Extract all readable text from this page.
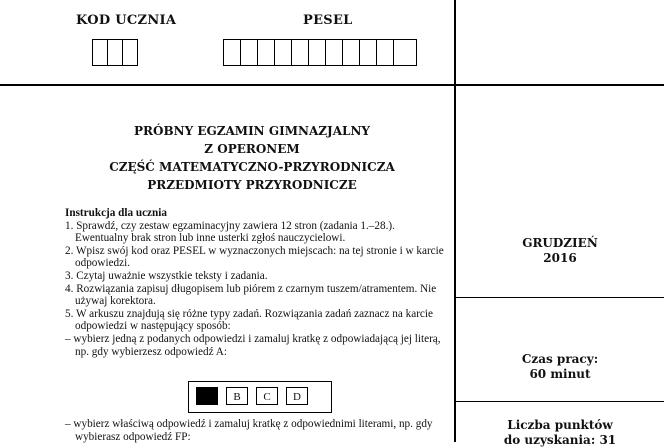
KOD UCZNIA	PESEL
PRÓBNY EGZAMIN GIMNAZJALNY
Z OPERONEM
CZĘŚĆ MATEMATYCZNO-PRZYRODNICZA
PRZEDMIOTY PRZYRODNICZE

Instrukcja dla ucznia

1. Sprawdź, czy zestaw egzaminacyjny zawiera 12 stron (zadania 1.–28.). Ewentualny brak stron lub inne usterki zgłoś nauczycielowi.

2. Wpisz swój kod oraz PESEL w wyznaczonych miejscach: na tej stronie i w karcie odpowiedzi.

3. Czytaj uważnie wszystkie teksty i zadania.

4. Rozwiązania zapisuj długopisem lub piórem z czarnym tuszem/atramentem. Nie używaj korektora.

5. W arkuszu znajdują się różne typy zadań. Rozwiązania zadań zaznacz na karcie odpowiedzi w następujący sposób:

– wybierz jedną z podanych odpowiedzi i zamaluj kratkę z odpowiadającą jej literą, np. gdy wybierzesz odpowiedź A:

A	B	C	D

– wybierz właściwą odpowiedź i zamaluj kratkę z odpowiednimi literami, np. gdy wybierasz odpowiedź FP:

GRUDZIEŃ
2016
Czas pracy:
60 minut
Liczba punktów
do uzyskania: 31
